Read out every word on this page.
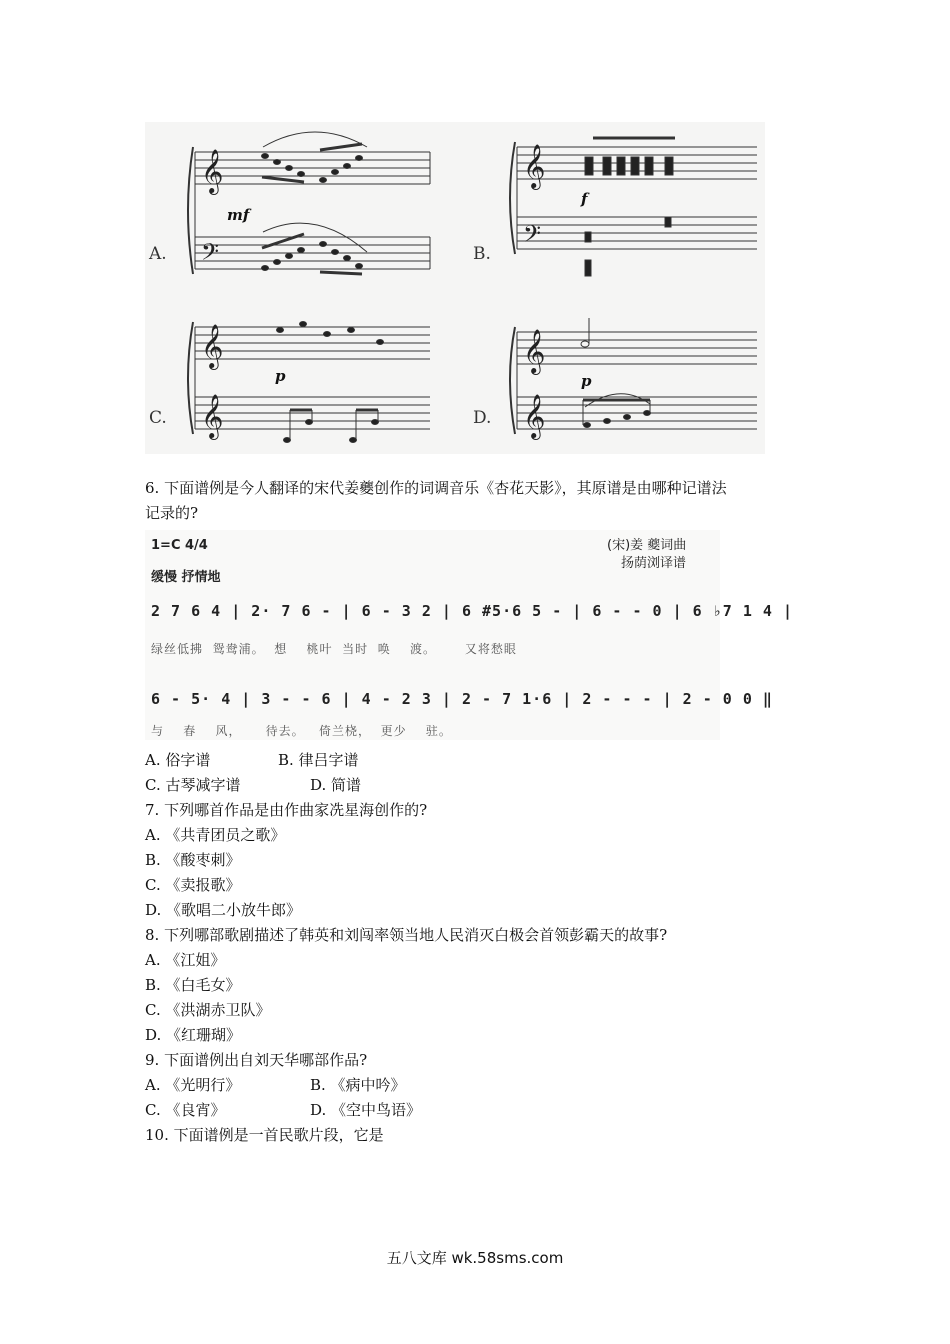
𝄞
𝄢
𝄞
𝄢
𝄞
𝄞
𝄞
𝄞
A.	B.
C.	D.
mf
f
p	p
6. 下面谱例是今人翻译的宋代姜夔创作的词调音乐《杏花天影》，其原谱是由哪种记谱法
记录的?
1=C 4/4
缓慢 抒情地
(宋)姜 夔词曲
扬荫浏译谱
2 7 6 4 | 2· 7 6 - | 6 - 3 2 | 6 #5·6 5 - | 6 - - 0 | 6 ♭7 1 4 |
绿丝低拂  鸳鸯浦。  想    桃叶  当时  唤    渡。      又将愁眼
6 - 5· 4 | 3 - - 6 | 4 - 2 3 | 2 - 7 1·6 | 2 - - - | 2 - 0 0 ‖
与    春    风，     待去。   倚兰桡，  更少    驻。
A. 俗字谱	B. 律吕字谱
C. 古琴减字谱	D. 简谱
7. 下列哪首作品是由作曲家冼星海创作的?
A. 《共青团员之歌》
B. 《酸枣刺》
C. 《卖报歌》
D. 《歌唱二小放牛郎》
8. 下列哪部歌剧描述了韩英和刘闯率领当地人民消灭白极会首领彭霸天的故事?
A. 《江姐》
B. 《白毛女》
C. 《洪湖赤卫队》
D. 《红珊瑚》
9. 下面谱例出自刘天华哪部作品?
A. 《光明行》	B. 《病中吟》
C. 《良宵》	D. 《空中鸟语》
10. 下面谱例是一首民歌片段，它是
五八文库 wk.58sms.com
